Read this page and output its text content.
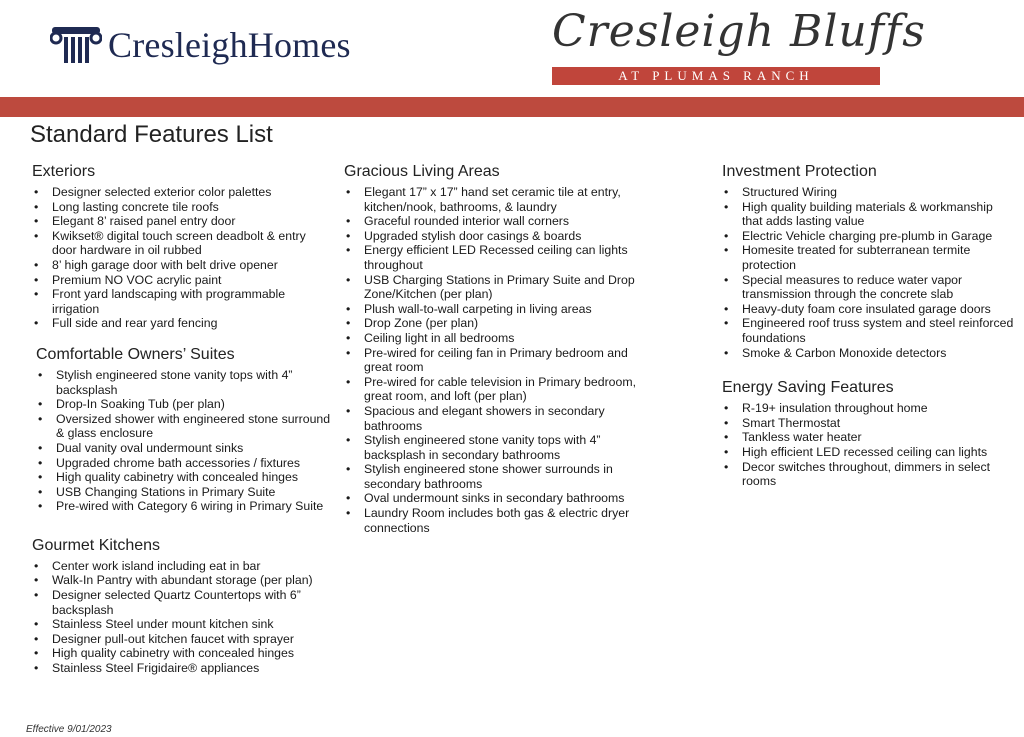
CresleighHomes	Cresleigh Bluffs
AT PLUMAS RANCH
Standard Features List
Exteriors
• Designer selected exterior color palettes
• Long lasting concrete tile roofs
• Elegant 8’ raised panel entry door
• Kwikset® digital touch screen deadbolt & entry door hardware in oil rubbed
• 8’ high garage door with belt drive opener
• Premium NO VOC acrylic paint
• Front yard landscaping with programmable irrigation
• Full side and rear yard fencing
Comfortable Owners’ Suites
• Stylish engineered stone vanity tops with 4” backsplash
• Drop-In Soaking Tub (per plan)
• Oversized shower with engineered stone surround & glass enclosure
• Dual vanity oval undermount sinks
• Upgraded chrome bath accessories / fixtures
• High quality cabinetry with concealed hinges
• USB Changing Stations in Primary Suite
• Pre-wired with Category 6 wiring in Primary Suite
Gourmet Kitchens
• Center work island including eat in bar
• Walk-In Pantry with abundant storage (per plan)
• Designer selected Quartz Countertops with 6” backsplash
• Stainless Steel under mount kitchen sink
• Designer pull-out kitchen faucet with sprayer
• High quality cabinetry with concealed hinges
• Stainless Steel Frigidaire® appliances
Gracious Living Areas
• Elegant 17” x 17” hand set ceramic tile at entry, kitchen/nook, bathrooms, & laundry
• Graceful rounded interior wall corners
• Upgraded stylish door casings & boards
• Energy efficient LED Recessed ceiling can lights throughout
• USB Charging Stations in Primary Suite and Drop Zone/Kitchen (per plan)
• Plush wall-to-wall carpeting in living areas
• Drop Zone (per plan)
• Ceiling light in all bedrooms
• Pre-wired for ceiling fan in Primary bedroom and great room
• Pre-wired for cable television in Primary bedroom, great room, and loft (per plan)
• Spacious and elegant showers in secondary bathrooms
• Stylish engineered stone vanity tops with 4” backsplash in secondary bathrooms
• Stylish engineered stone shower surrounds in secondary bathrooms
• Oval undermount sinks in secondary bathrooms
• Laundry Room includes both gas & electric dryer connections
Investment Protection
• Structured Wiring
• High quality building materials & workmanship that adds lasting value
• Electric Vehicle charging pre-plumb in Garage
• Homesite treated for subterranean termite protection
• Special measures to reduce water vapor transmission through the concrete slab
• Heavy-duty foam core insulated garage doors
• Engineered roof truss system and steel reinforced foundations
• Smoke & Carbon Monoxide detectors
Energy Saving Features
• R-19+ insulation throughout home
• Smart Thermostat
• Tankless water heater
• High efficient LED recessed ceiling can lights
• Decor switches throughout, dimmers in select rooms
Effective 9/01/2023
